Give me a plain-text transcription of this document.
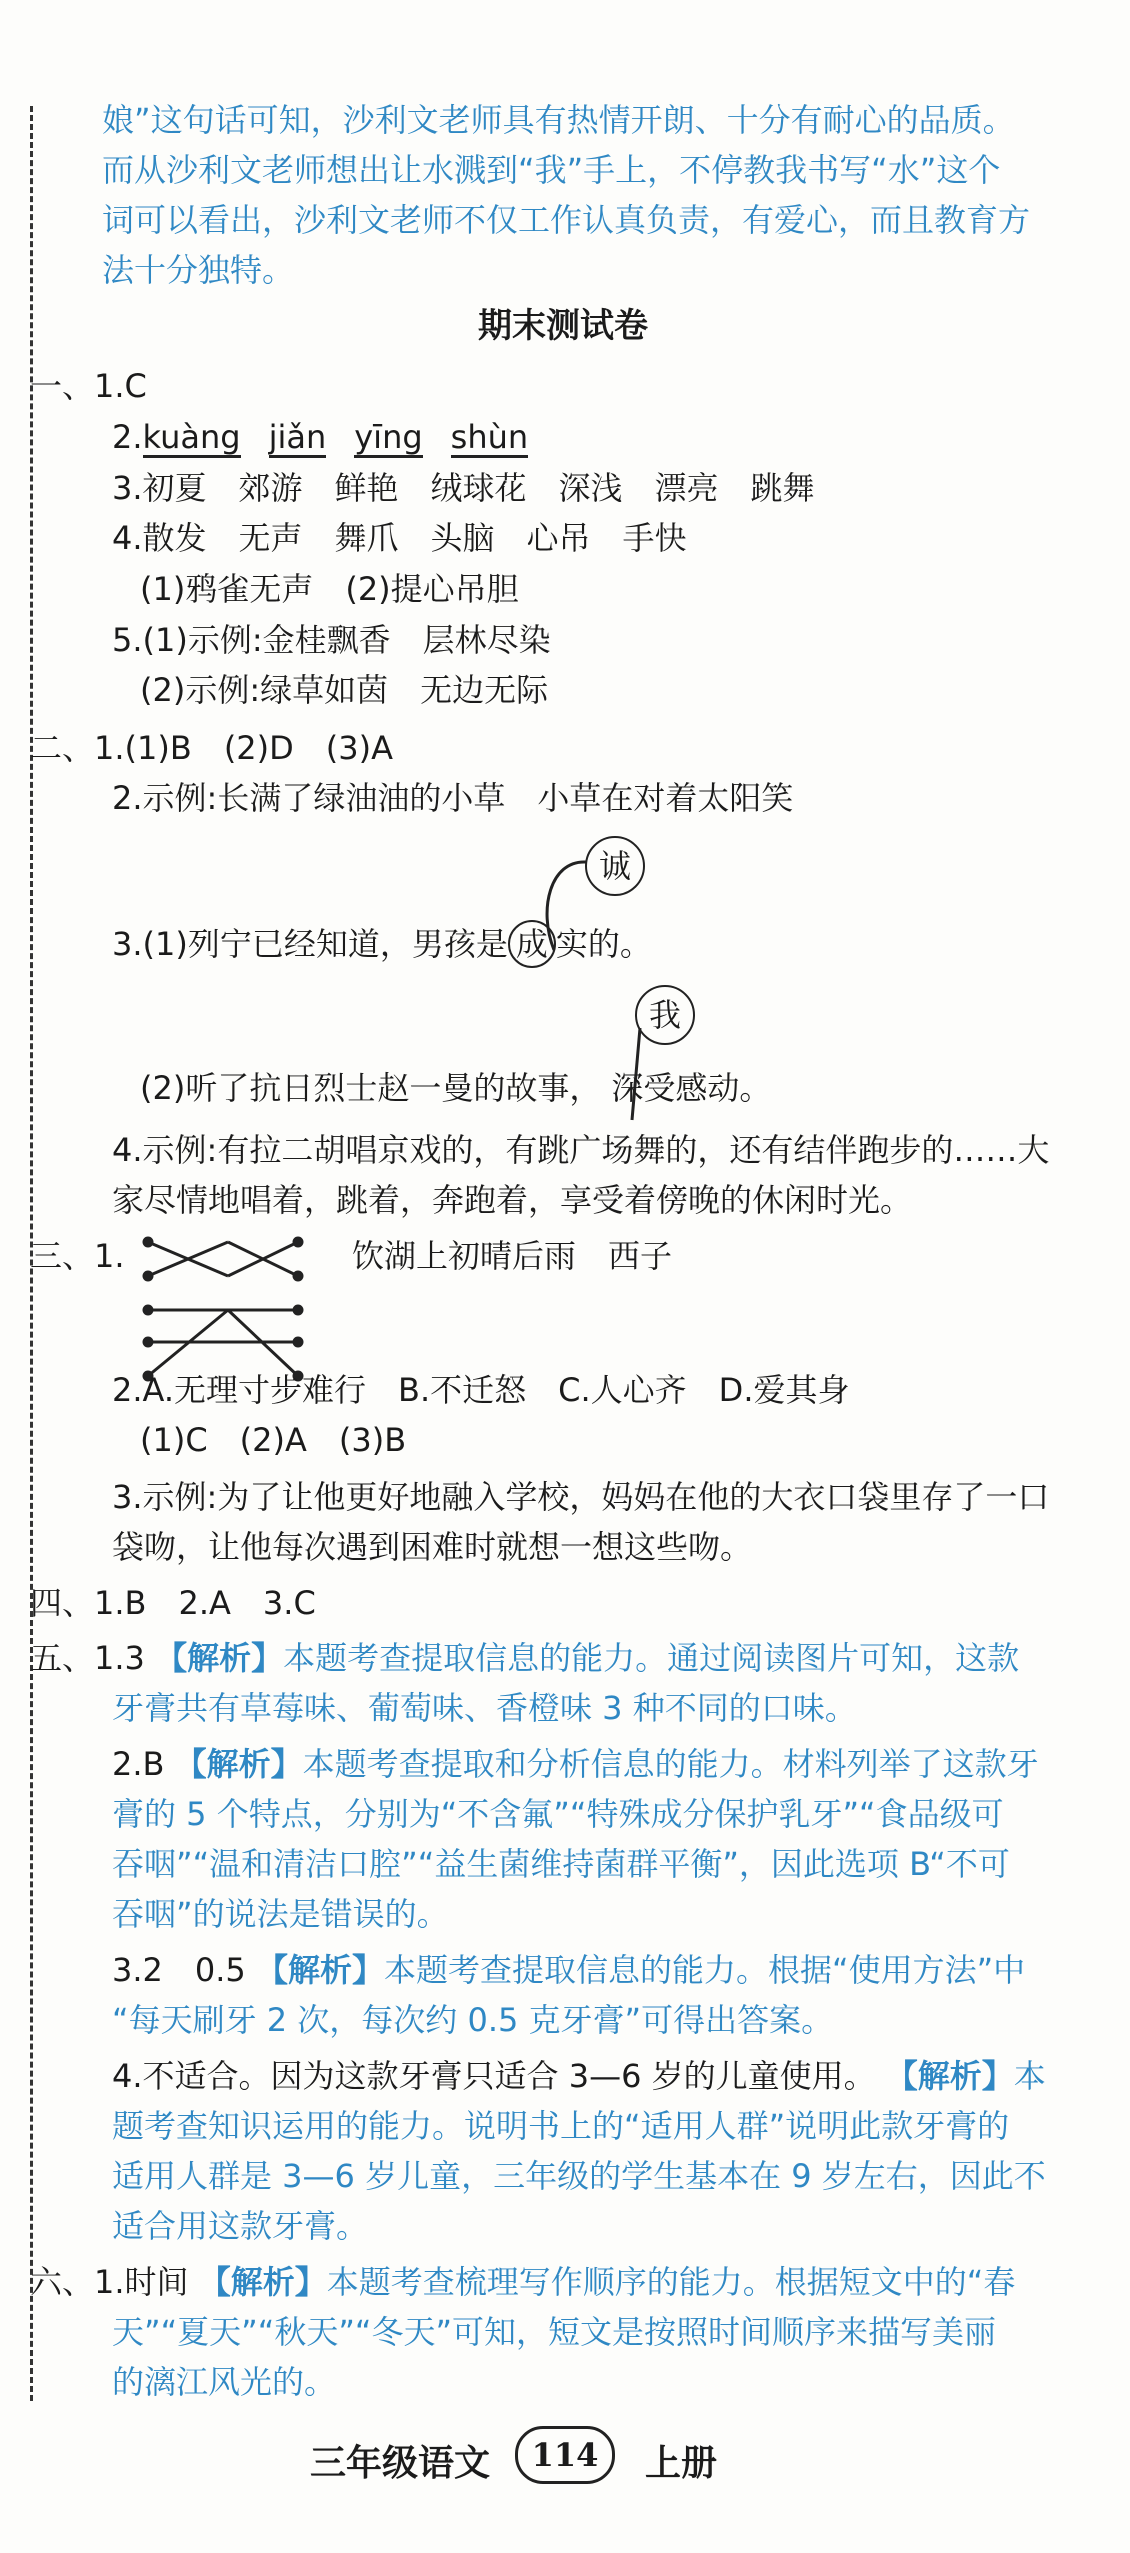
娘”这句话可知，沙利文老师具有热情开朗、十分有耐心的品质。
而从沙利文老师想出让水溅到“我”手上，不停教我书写“水”这个
词可以看出，沙利文老师不仅工作认真负责，有爱心，而且教育方
法十分独特。
期末测试卷
一、1.C
2.kuàng jiǎn yīng shùn
3.初夏　郊游　鲜艳　绒球花　深浅　漂亮　跳舞
4.散发　无声　舞爪　头脑　心吊　手快
(1)鸦雀无声　(2)提心吊胆
5.(1)示例:金桂飘香　层林尽染
(2)示例:绿草如茵　无边无际
二、1.(1)B　(2)D　(3)A
2.示例:长满了绿油油的小草　小草在对着太阳笑
诚
3.(1)列宁已经知道，男孩是 成 实的。
我
(2)听了抗日烈士赵一曼的故事， 深受感动。
4.示例:有拉二胡唱京戏的，有跳广场舞的，还有结伴跑步的……大
家尽情地唱着，跳着，奔跑着，享受着傍晚的休闲时光。
三、1.	饮湖上初晴后雨　西子
2.A.无理寸步难行　B.不迁怒　C.人心齐　D.爱其身
(1)C　(2)A　(3)B
3.示例:为了让他更好地融入学校，妈妈在他的大衣口袋里存了一口
袋吻，让他每次遇到困难时就想一想这些吻。
四、1.B　2.A　3.C
五、1.3 【解析】本题考查提取信息的能力。通过阅读图片可知，这款
牙膏共有草莓味、葡萄味、香橙味 3 种不同的口味。
2.B 【解析】本题考查提取和分析信息的能力。材料列举了这款牙
膏的 5 个特点，分别为“不含氟”“特殊成分保护乳牙”“食品级可
吞咽”“温和清洁口腔”“益生菌维持菌群平衡”，因此选项 B“不可
吞咽”的说法是错误的。
3.2　0.5 【解析】本题考查提取信息的能力。根据“使用方法”中
“每天刷牙 2 次，每次约 0.5 克牙膏”可得出答案。
4.不适合。因为这款牙膏只适合 3—6 岁的儿童使用。 【解析】本
题考查知识运用的能力。说明书上的“适用人群”说明此款牙膏的
适用人群是 3—6 岁儿童，三年级的学生基本在 9 岁左右，因此不
适合用这款牙膏。
六、1.时间 【解析】本题考查梳理写作顺序的能力。根据短文中的“春
天”“夏天”“秋天”“冬天”可知，短文是按照时间顺序来描写美丽
的漓江风光的。
三年级语文	上册
114
